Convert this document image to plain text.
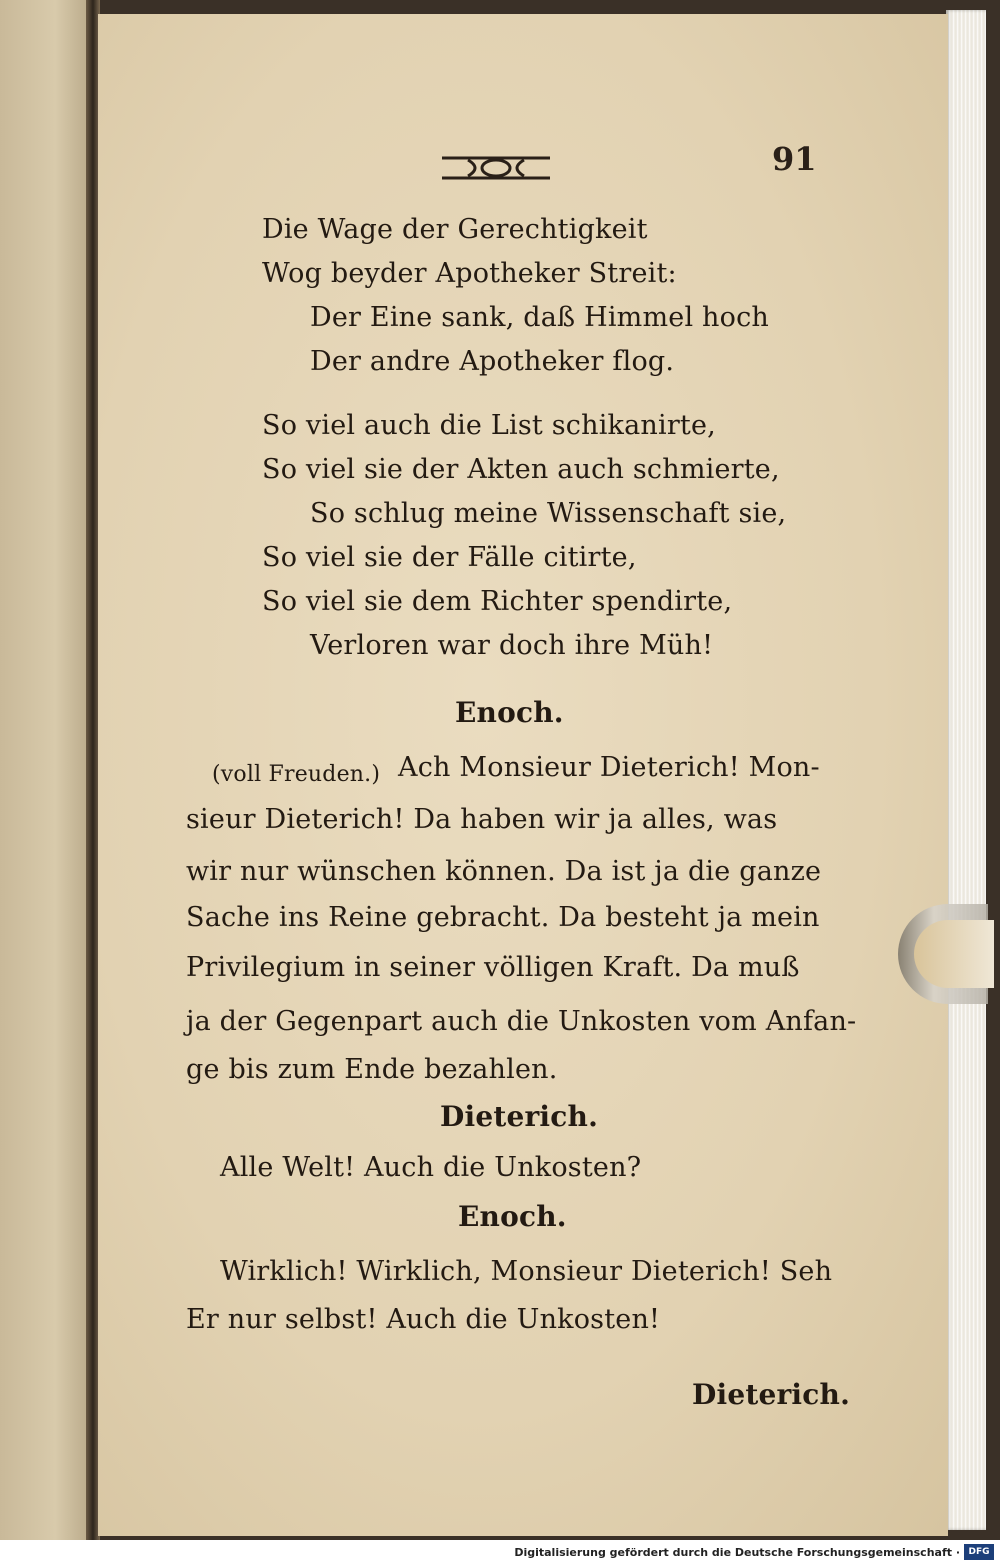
91
Die Wage der Gerechtigkeit
Wog beyder Apotheker Streit:
Der Eine sank, daß Himmel hoch
Der andre Apotheker flog.
So viel auch die List schikanirte,
So viel sie der Akten auch schmierte,
So schlug meine Wissenschaft sie,
So viel sie der Fälle citirte,
So viel sie dem Richter spendirte,
Verloren war doch ihre Müh!
Enoch.
(voll Freuden.) Ach Monsieur Dieterich! Mon-
sieur Dieterich! Da haben wir ja alles, was
wir nur wünschen können. Da ist ja die ganze
Sache ins Reine gebracht. Da besteht ja mein
Privilegium in seiner völligen Kraft. Da muß
ja der Gegenpart auch die Unkosten vom Anfan-
ge bis zum Ende bezahlen.
Dieterich.
Alle Welt! Auch die Unkosten?
Enoch.
Wirklich! Wirklich, Monsieur Dieterich! Seh
Er nur selbst! Auch die Unkosten!
Dieterich.
Digitalisierung gefördert durch die Deutsche Forschungsgemeinschaft · DFG
